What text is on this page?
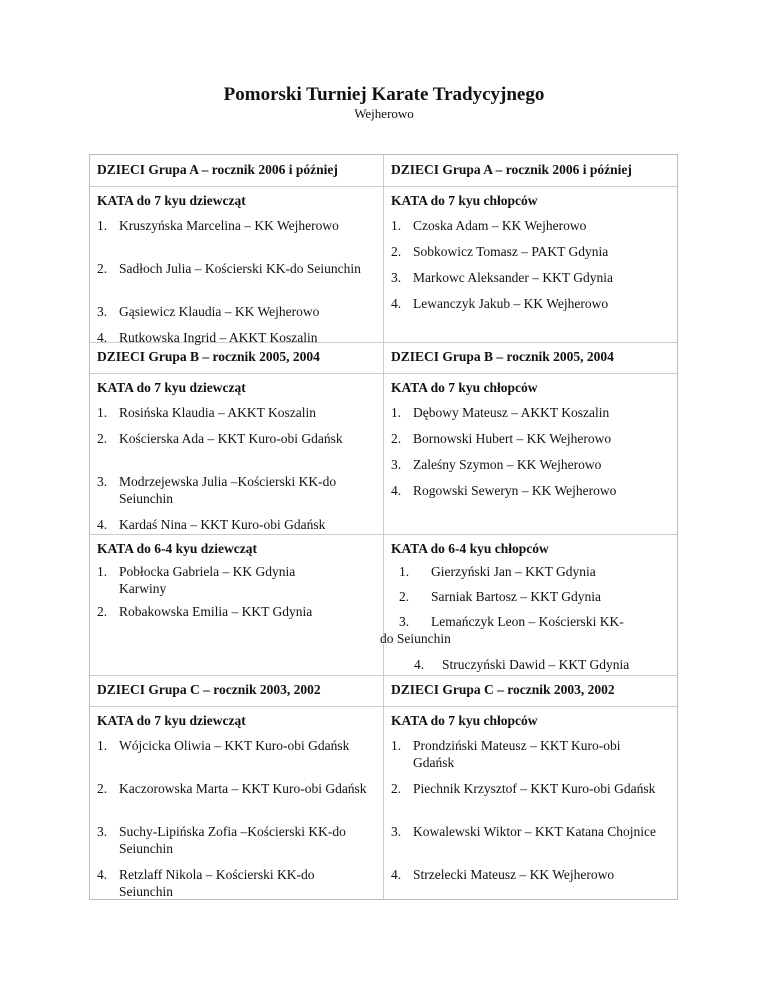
Pomorski Turniej Karate Tradycyjnego
Wejherowo
DZIECI Grupa A – rocznik 2006 i później	DZIECI Grupa A – rocznik 2006 i później
KATA do 7 kyu dziewcząt
1. Kruszyńska Marcelina – KK Wejherowo
2. Sadłoch Julia – Kościerski KK-do Seiunchin
3. Gąsiewicz Klaudia – KK Wejherowo
4. Rutkowska Ingrid – AKKT Koszalin
KATA do 7 kyu chłopców
1. Czoska Adam – KK Wejherowo
2. Sobkowicz Tomasz – PAKT Gdynia
3. Markowc Aleksander – KKT Gdynia
4. Lewanczyk Jakub – KK Wejherowo
DZIECI Grupa B – rocznik 2005, 2004	DZIECI Grupa B – rocznik 2005, 2004
KATA do 7 kyu dziewcząt
1. Rosińska Klaudia – AKKT Koszalin
2. Kościerska Ada – KKT Kuro-obi Gdańsk
3. Modrzejewska Julia –Kościerski KK-do Seiunchin
4. Kardaś Nina – KKT Kuro-obi Gdańsk
KATA do 7 kyu chłopców
1. Dębowy Mateusz – AKKT Koszalin
2. Bornowski Hubert – KK Wejherowo
3. Zaleśny Szymon – KK Wejherowo
4. Rogowski Seweryn – KK Wejherowo
KATA do 6-4 kyu dziewcząt
1. Pobłocka Gabriela – KK Gdynia Karwiny
2. Robakowska Emilia – KKT Gdynia
KATA do 6-4 kyu chłopców
1. Gierzyński Jan – KKT Gdynia
2. Sarniak Bartosz – KKT Gdynia
3. Lemańczyk Leon – Kościerski KK-
do Seiunchin
4. Struczyński Dawid – KKT Gdynia
DZIECI Grupa C – rocznik 2003, 2002	DZIECI Grupa C – rocznik 2003, 2002
KATA do 7 kyu dziewcząt
1. Wójcicka Oliwia – KKT Kuro-obi Gdańsk
2. Kaczorowska Marta – KKT Kuro-obi Gdańsk
3. Suchy-Lipińska Zofia –Kościerski KK-do Seiunchin
4. Retzlaff Nikola – Kościerski KK-do Seiunchin
KATA do 7 kyu chłopców
1. Prondziński Mateusz – KKT Kuro-obi Gdańsk
2. Piechnik Krzysztof – KKT Kuro-obi Gdańsk
3. Kowalewski Wiktor – KKT Katana Chojnice
4. Strzelecki Mateusz – KK Wejherowo
